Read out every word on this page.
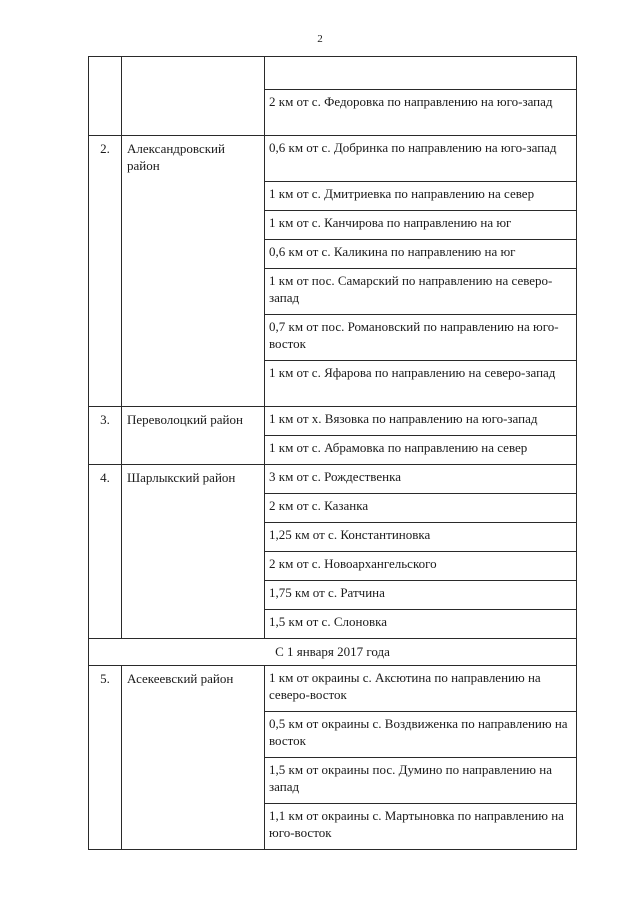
2

		2 км от с. Федоровка по направлению на юго-запад
2.	Александровский район	0,6 км от с. Добринка по направлению на юго-запад
		1 км от с. Дмитриевка по направлению на север
		1 км от с. Канчирова по направлению на юг
		0,6 км от с. Каликина по направлению на юг
		1 км от пос. Самарский по направлению на северо-запад
		0,7 км от пос. Романовский по направлению на юго-восток
		1 км от с. Яфарова по направлению на северо-запад
3.	Переволоцкий район	1 км от х. Вязовка по направлению на юго-запад
		1 км от с. Абрамовка по направлению на север
4.	Шарлыкский район	3 км от с. Рождественка
		2 км от с. Казанка
		1,25 км от с. Константиновка
		2 км от с. Новоархангельского
		1,75 км от с. Ратчина
		1,5 км от с. Слоновка
С 1 января 2017 года		
5.	Асекеевский район	1 км от окраины с. Аксютина по направлению на северо-восток
		0,5 км от окраины с. Воздвиженка по направлению на восток
		1,5 км от окраины пос. Думино по направлению на запад
		1,1 км от окраины с. Мартыновка по направлению на юго-восток
